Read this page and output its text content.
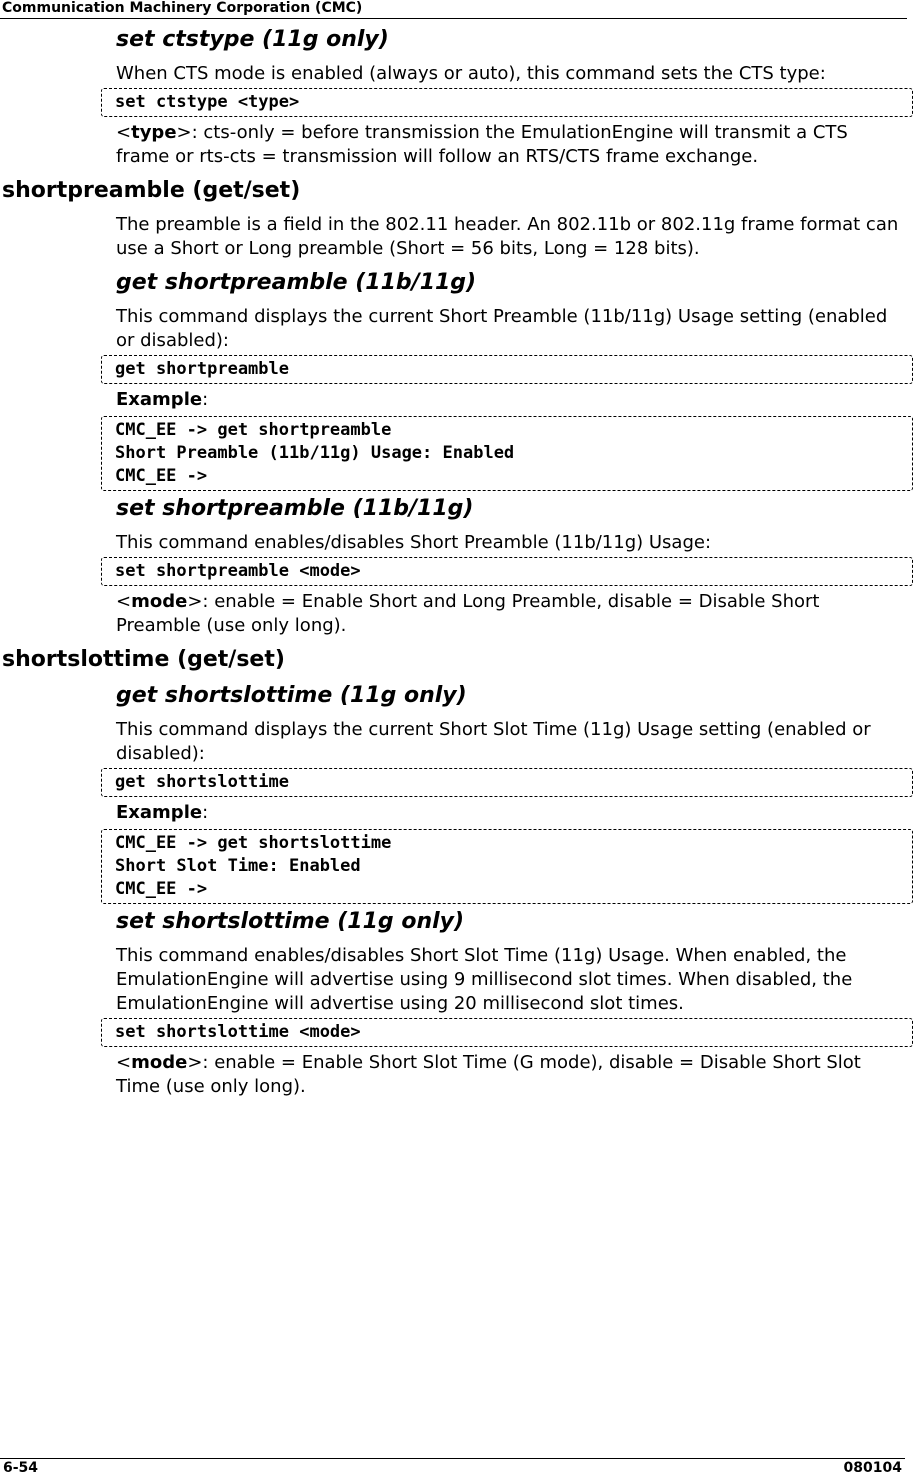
Communication Machinery Corporation (CMC)
set ctstype (11g only)
When CTS mode is enabled (always or auto), this command sets the CTS type:
set ctstype <type>
<type>: cts-only = before transmission the EmulationEngine will transmit a CTS frame or rts-cts = transmission will follow an RTS/CTS frame exchange.
shortpreamble (get/set)
The preamble is a field in the 802.11 header. An 802.11b or 802.11g frame format can use a Short or Long preamble (Short = 56 bits, Long = 128 bits).
get shortpreamble (11b/11g)
This command displays the current Short Preamble (11b/11g) Usage setting (enabled or disabled):
get shortpreamble
Example:
CMC_EE -> get shortpreamble
Short Preamble (11b/11g) Usage: Enabled
CMC_EE ->
set shortpreamble (11b/11g)
This command enables/disables Short Preamble (11b/11g) Usage:
set shortpreamble <mode>
<mode>: enable = Enable Short and Long Preamble, disable = Disable Short Preamble (use only long).
shortslottime (get/set)
get shortslottime (11g only)
This command displays the current Short Slot Time (11g) Usage setting (enabled or disabled):
get shortslottime
Example:
CMC_EE -> get shortslottime
Short Slot Time: Enabled
CMC_EE ->
set shortslottime (11g only)
This command enables/disables Short Slot Time (11g) Usage. When enabled, the EmulationEngine will advertise using 9 millisecond slot times. When disabled, the EmulationEngine will advertise using 20 millisecond slot times.
set shortslottime <mode>
<mode>: enable = Enable Short Slot Time (G mode), disable = Disable Short Slot Time (use only long).
6-54	080104
